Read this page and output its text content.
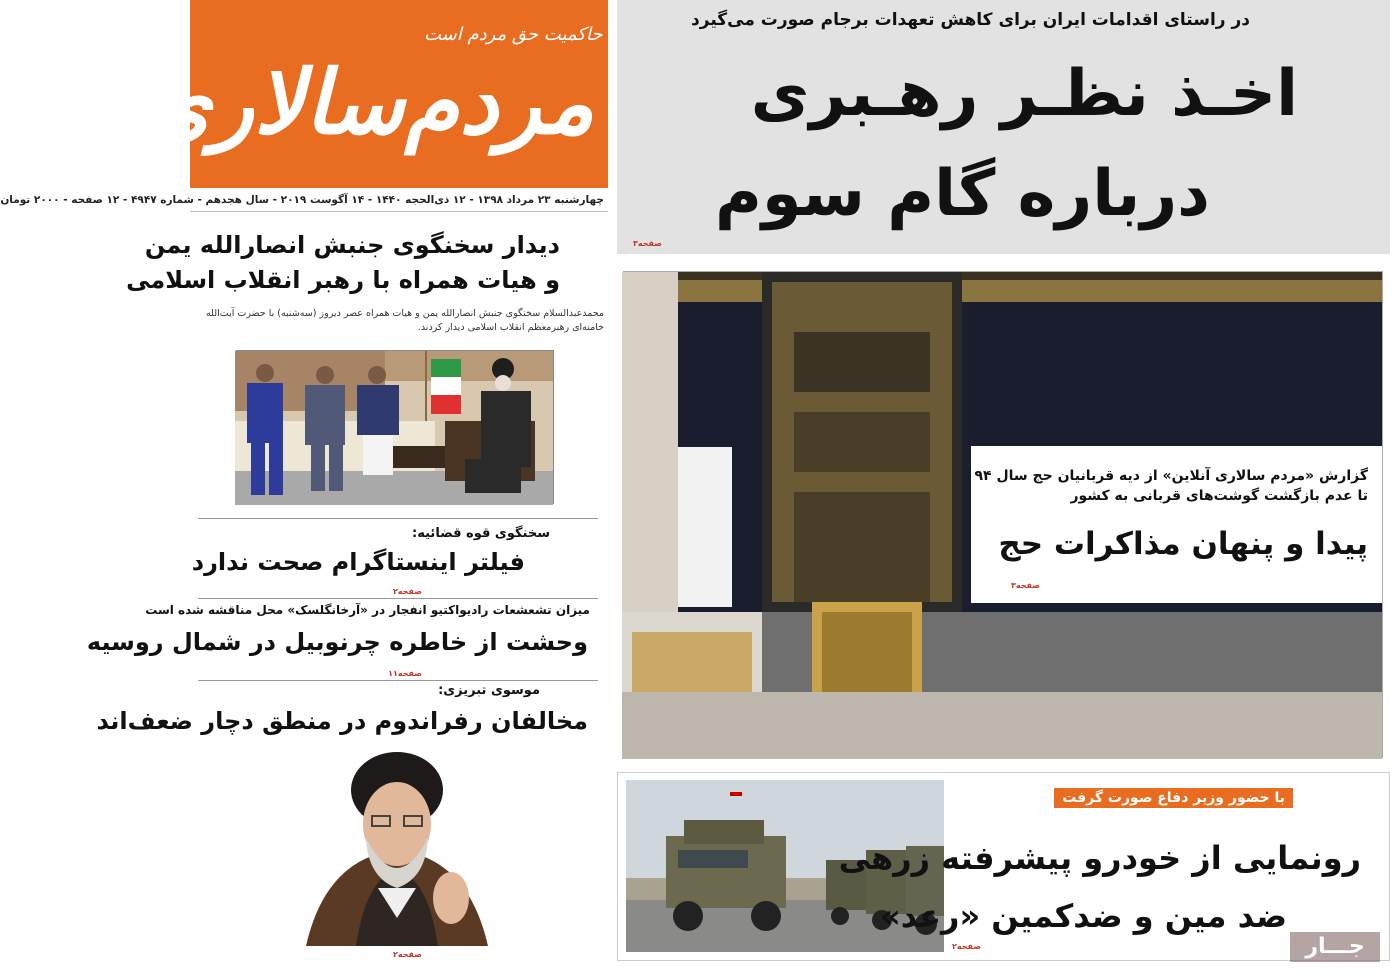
حاکمیت حق مردم است
مردم‌سالاری
چهارشنبه ۲۳ مرداد ۱۳۹۸ - ۱۲ ذی‌الحجه ۱۴۴۰ - ۱۴ آگوست ۲۰۱۹ - سال هجدهم - شماره ۴۹۴۷ - ۱۲ صفحه - ۲۰۰۰ تومان
در راستای اقدامات ایران برای کاهش تعهدات برجام صورت می‌گیرد
اخـذ نظـر رهـبری
درباره گام سوم
صفحه۳
دیدار سخنگوی جنبش انصارالله یمن
و هیات همراه با رهبر انقلاب اسلامی
محمدعبدالسلام سخنگوی جنبش انصارالله یمن و هیات همراه عصر دیروز (سه‌شنبه) با حضرت آیت‌الله خامنه‌ای رهبرمعظم انقلاب اسلامی دیدار کردند.
سخنگوی قوه قضائیه:
فیلتر اینستاگرام صحت ندارد
صفحه۲
میزان تشعشعات رادیواکتیو انفجار در «آرخانگلسک» محل مناقشه شده است
وحشت از خاطره چرنوبیل در شمال روسیه
صفحه۱۱
موسوی تبریزی:
مخالفان رفراندوم در منطق دچار ضعف‌اند
صفحه۲
گزارش «مردم سالاری آنلاین» از دیه قربانیان حج سال ۹۴
تا عدم بازگشت گوشت‌های قربانی به کشور
پیدا و پنهان مذاکرات حج
صفحه۳
با حضور وزیر دفاع صورت گرفت
رونمایی از خودرو پیشرفته زرهی
ضد مین و ضدکمین «رعد»
صفحه۲	جـــار
